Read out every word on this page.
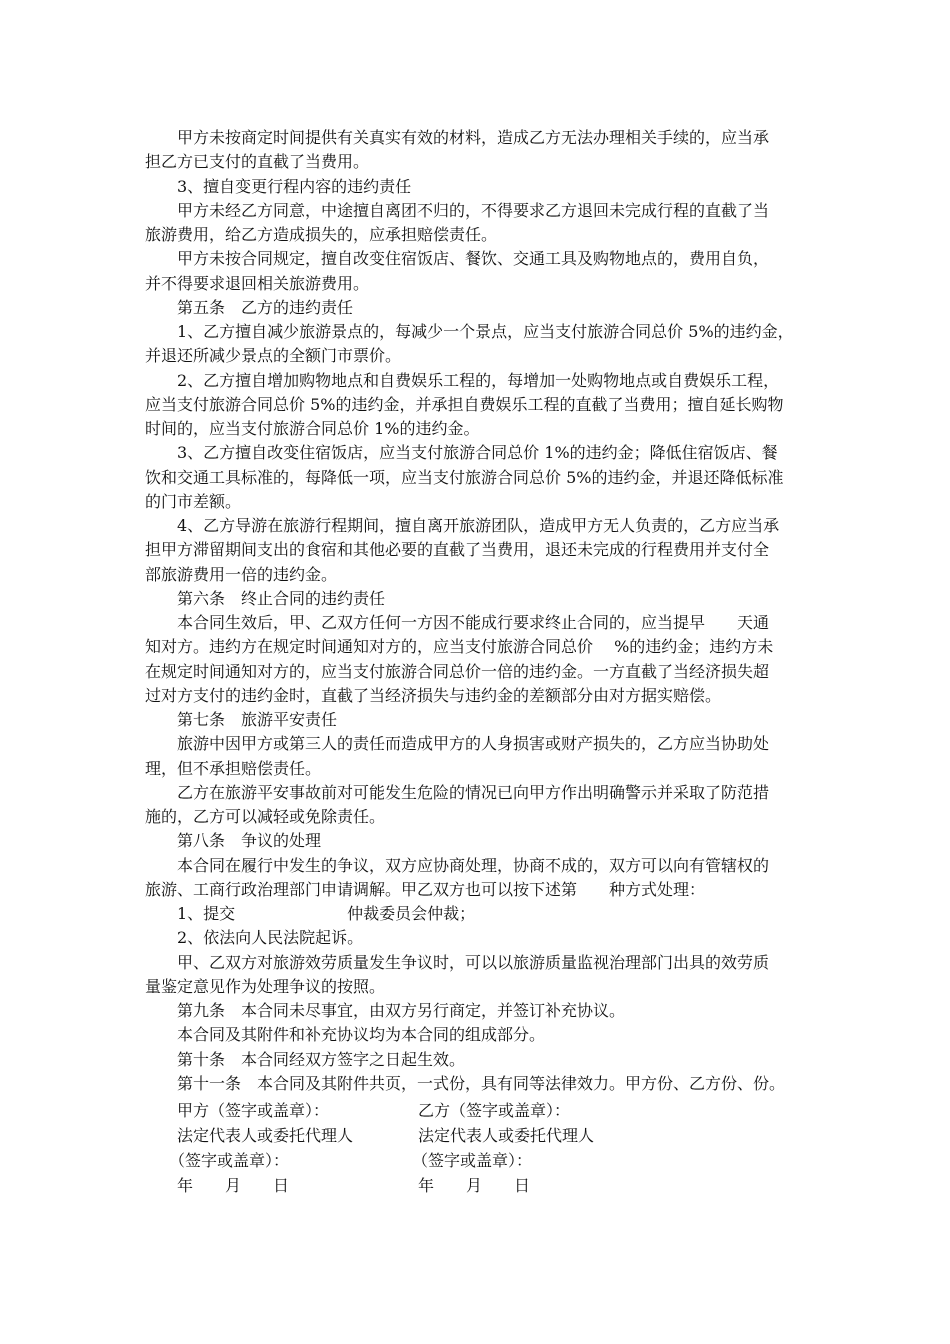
　　甲方未按商定时间提供有关真实有效的材料，造成乙方无法办理相关手续的，应当承
担乙方已支付的直截了当费用。
　　3、擅自变更行程内容的违约责任
　　甲方未经乙方同意，中途擅自离团不归的，不得要求乙方退回未完成行程的直截了当
旅游费用，给乙方造成损失的，应承担赔偿责任。
　　甲方未按合同规定，擅自改变住宿饭店、餐饮、交通工具及购物地点的，费用自负，
并不得要求退回相关旅游费用。
　　第五条　乙方的违约责任
　　1、乙方擅自减少旅游景点的，每减少一个景点，应当支付旅游合同总价 5%的违约金，
并退还所减少景点的全额门市票价。
　　2、乙方擅自增加购物地点和自费娱乐工程的，每增加一处购物地点或自费娱乐工程，
应当支付旅游合同总价 5%的违约金，并承担自费娱乐工程的直截了当费用；擅自延长购物
时间的，应当支付旅游合同总价 1%的违约金。
　　3、乙方擅自改变住宿饭店，应当支付旅游合同总价 1%的违约金；降低住宿饭店、餐
饮和交通工具标准的，每降低一项，应当支付旅游合同总价 5%的违约金，并退还降低标准
的门市差额。
　　4、乙方导游在旅游行程期间，擅自离开旅游团队，造成甲方无人负责的，乙方应当承
担甲方滞留期间支出的食宿和其他必要的直截了当费用，退还未完成的行程费用并支付全
部旅游费用一倍的违约金。
　　第六条　终止合同的违约责任
　　本合同生效后，甲、乙双方任何一方因不能成行要求终止合同的，应当提早　　天通
知对方。违约方在规定时间通知对方的，应当支付旅游合同总价　 %的违约金；违约方未
在规定时间通知对方的，应当支付旅游合同总价一倍的违约金。一方直截了当经济损失超
过对方支付的违约金时，直截了当经济损失与违约金的差额部分由对方据实赔偿。
　　第七条　旅游平安责任
　　旅游中因甲方或第三人的责任而造成甲方的人身损害或财产损失的，乙方应当协助处
理，但不承担赔偿责任。
　　乙方在旅游平安事故前对可能发生危险的情况已向甲方作出明确警示并采取了防范措
施的，乙方可以减轻或免除责任。
　　第八条　争议的处理
　　本合同在履行中发生的争议，双方应协商处理，协商不成的，双方可以向有管辖权的
旅游、工商行政治理部门申请调解。甲乙双方也可以按下述第　　种方式处理：
　　1、提交　　　　　　　仲裁委员会仲裁；
　　2、依法向人民法院起诉。
　　甲、乙双方对旅游效劳质量发生争议时，可以以旅游质量监视治理部门出具的效劳质
量鉴定意见作为处理争议的按照。
　　第九条　本合同未尽事宜，由双方另行商定，并签订补充协议。
　　本合同及其附件和补充协议均为本合同的组成部分。
　　第十条　本合同经双方签字之日起生效。
　　第十一条　本合同及其附件共页，一式份，具有同等法律效力。甲方份、乙方份、份。
　　甲方（签字或盖章）：	乙方（签字或盖章）：
　　法定代表人或委托代理人	法定代表人或委托代理人
　　（签字或盖章）：	（签字或盖章）：
　　年　　月　　日	年　　月　　日
